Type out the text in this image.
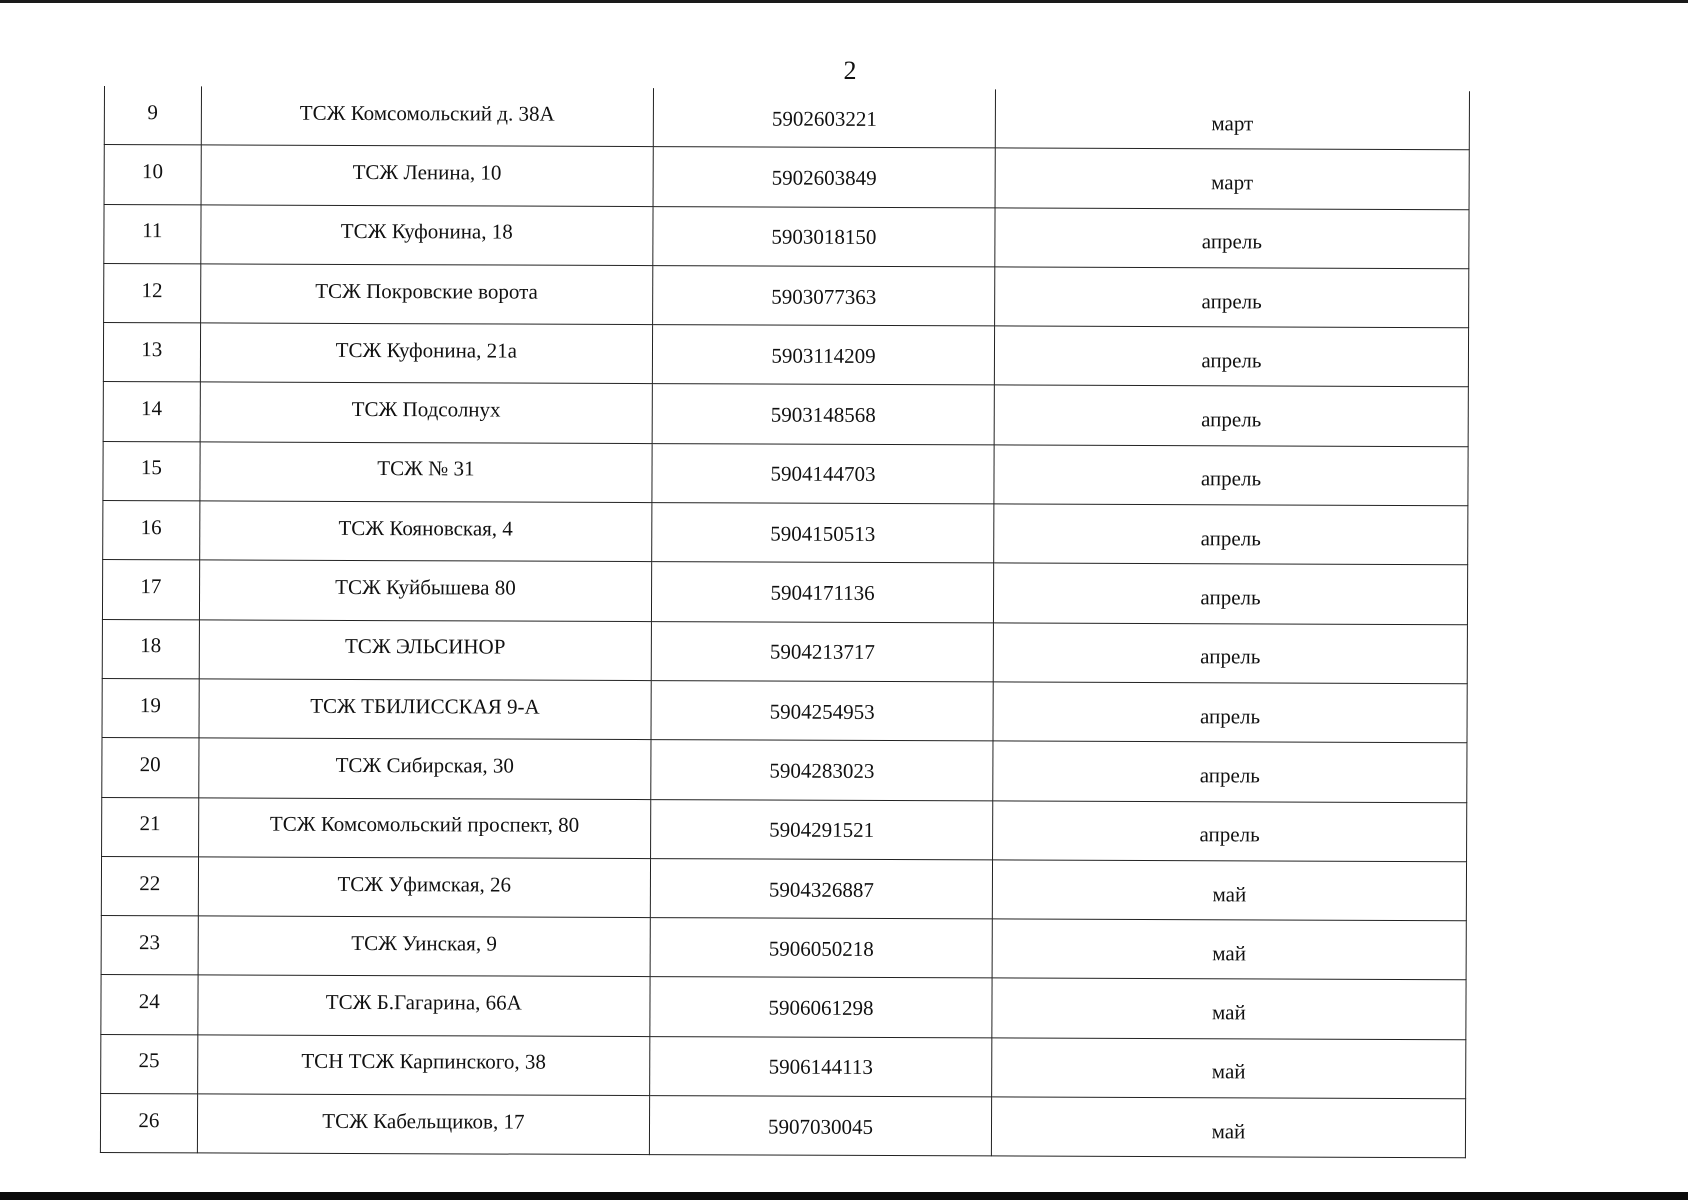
2
9	ТСЖ Комсомольский д. 38А	5902603221	март
10	ТСЖ Ленина, 10	5902603849	март
11	ТСЖ Куфонина, 18	5903018150	апрель
12	ТСЖ Покровские ворота	5903077363	апрель
13	ТСЖ Куфонина, 21а	5903114209	апрель
14	ТСЖ Подсолнух	5903148568	апрель
15	ТСЖ № 31	5904144703	апрель
16	ТСЖ Кояновская, 4	5904150513	апрель
17	ТСЖ Куйбышева 80	5904171136	апрель
18	ТСЖ ЭЛЬСИНОР	5904213717	апрель
19	ТСЖ ТБИЛИССКАЯ 9-А	5904254953	апрель
20	ТСЖ Сибирская, 30	5904283023	апрель
21	ТСЖ Комсомольский проспект, 80	5904291521	апрель
22	ТСЖ Уфимская, 26	5904326887	май
23	ТСЖ Уинская, 9	5906050218	май
24	ТСЖ Б.Гагарина, 66А	5906061298	май
25	ТСН ТСЖ Карпинского, 38	5906144113	май
26	ТСЖ Кабельщиков, 17	5907030045	май
